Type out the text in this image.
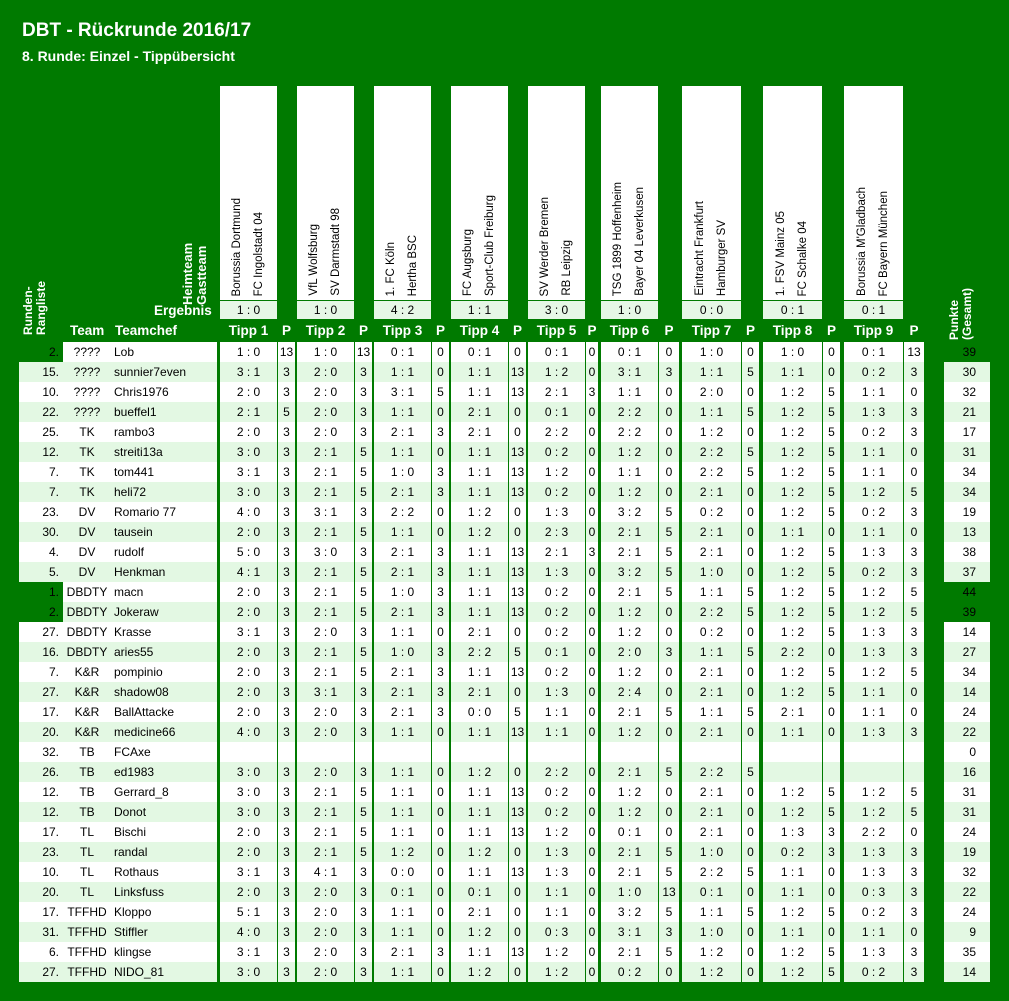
DBT - Rückrunde 2016/17
8. Runde: Einzel - Tippübersicht
Runden-
Rangliste
Heimteam
Gastteam
Ergebnis
Team Teamchef	Punkte
(Gesamt)
Borussia Dortmund FC Ingolstadt 04
1 : 0
Tipp 1	P
VfL Wolfsburg SV Darmstadt 98
1 : 0
Tipp 2	P
1. FC Köln Hertha BSC
4 : 2
Tipp 3	P
FC Augsburg Sport-Club Freiburg
1 : 1
Tipp 4	P
SV Werder Bremen RB Leipzig
3 : 0
Tipp 5 P
TSG 1899 Hoffenheim Bayer 04 Leverkusen
1 : 0
Tipp 6	P
Eintracht Frankfurt Hamburger SV
0 : 0
Tipp 7	P
1. FSV Mainz 05 FC Schalke 04
0 : 1
Tipp 8	P
Borussia M'Gladbach FC Bayern München
0 : 1
Tipp 9	P
2.	????	Lob		1 : 0		13		1 : 0		13		0 : 1		0		0 : 1		0		0 : 1		0		0 : 1		0		1 : 0		0		1 : 0		0		0 : 1		13		39
15.	????	sunnier7even		3 : 1		3		2 : 0		3		1 : 1		0		1 : 1		13		1 : 2		0		3 : 1		3		1 : 1		5		1 : 1		0		0 : 2		3		30
10.	????	Chris1976		2 : 0		3		2 : 0		3		3 : 1		5		1 : 1		13		2 : 1		3		1 : 1		0		2 : 0		0		1 : 2		5		1 : 1		0		32
22.	????	bueffel1		2 : 1		5		2 : 0		3		1 : 1		0		2 : 1		0		0 : 1		0		2 : 2		0		1 : 1		5		1 : 2		5		1 : 3		3		21
25.	TK	rambo3		2 : 0		3		2 : 0		3		2 : 1		3		2 : 1		0		2 : 2		0		2 : 2		0		1 : 2		0		1 : 2		5		0 : 2		3		17
12.	TK	streiti13a		3 : 0		3		2 : 1		5		1 : 1		0		1 : 1		13		0 : 2		0		1 : 2		0		2 : 2		5		1 : 2		5		1 : 1		0		31
7.	TK	tom441		3 : 1		3		2 : 1		5		1 : 0		3		1 : 1		13		1 : 2		0		1 : 1		0		2 : 2		5		1 : 2		5		1 : 1		0		34
7.	TK	heli72		3 : 0		3		2 : 1		5		2 : 1		3		1 : 1		13		0 : 2		0		1 : 2		0		2 : 1		0		1 : 2		5		1 : 2		5		34
23.	DV	Romario 77		4 : 0		3		3 : 1		3		2 : 2		0		1 : 2		0		1 : 3		0		3 : 2		5		0 : 2		0		1 : 2		5		0 : 2		3		19
30.	DV	tausein		2 : 0		3		2 : 1		5		1 : 1		0		1 : 2		0		2 : 3		0		2 : 1		5		2 : 1		0		1 : 1		0		1 : 1		0		13
4.	DV	rudolf		5 : 0		3		3 : 0		3		2 : 1		3		1 : 1		13		2 : 1		3		2 : 1		5		2 : 1		0		1 : 2		5		1 : 3		3		38
5.	DV	Henkman		4 : 1		3		2 : 1		5		2 : 1		3		1 : 1		13		1 : 3		0		3 : 2		5		1 : 0		0		1 : 2		5		0 : 2		3		37
1.	DBDTY	macn		2 : 0		3		2 : 1		5		1 : 0		3		1 : 1		13		0 : 2		0		2 : 1		5		1 : 1		5		1 : 2		5		1 : 2		5		44
2.	DBDTY	Jokeraw		2 : 0		3		2 : 1		5		2 : 1		3		1 : 1		13		0 : 2		0		1 : 2		0		2 : 2		5		1 : 2		5		1 : 2		5		39
27.	DBDTY	Krasse		3 : 1		3		2 : 0		3		1 : 1		0		2 : 1		0		0 : 2		0		1 : 2		0		0 : 2		0		1 : 2		5		1 : 3		3		14
16.	DBDTY	aries55		2 : 0		3		2 : 1		5		1 : 0		3		2 : 2		5		0 : 1		0		2 : 0		3		1 : 1		5		2 : 2		0		1 : 3		3		27
7.	K&R	pompinio		2 : 0		3		2 : 1		5		2 : 1		3		1 : 1		13		0 : 2		0		1 : 2		0		2 : 1		0		1 : 2		5		1 : 2		5		34
27.	K&R	shadow08		2 : 0		3		3 : 1		3		2 : 1		3		2 : 1		0		1 : 3		0		2 : 4		0		2 : 1		0		1 : 2		5		1 : 1		0		14
17.	K&R	BallAttacke		2 : 0		3		2 : 0		3		2 : 1		3		0 : 0		5		1 : 1		0		2 : 1		5		1 : 1		5		2 : 1		0		1 : 1		0		24
20.	K&R	medicine66		4 : 0		3		2 : 0		3		1 : 1		0		1 : 1		13		1 : 1		0		1 : 2		0		2 : 1		0		1 : 1		0		1 : 3		3		22
32.	TB	FCAxe																																						0
26.	TB	ed1983		3 : 0		3		2 : 0		3		1 : 1		0		1 : 2		0		2 : 2		0		2 : 1		5		2 : 2		5										16
12.	TB	Gerrard_8		3 : 0		3		2 : 1		5		1 : 1		0		1 : 1		13		0 : 2		0		1 : 2		0		2 : 1		0		1 : 2		5		1 : 2		5		31
12.	TB	Donot		3 : 0		3		2 : 1		5		1 : 1		0		1 : 1		13		0 : 2		0		1 : 2		0		2 : 1		0		1 : 2		5		1 : 2		5		31
17.	TL	Bischi		2 : 0		3		2 : 1		5		1 : 1		0		1 : 1		13		1 : 2		0		0 : 1		0		2 : 1		0		1 : 3		3		2 : 2		0		24
23.	TL	randal		2 : 0		3		2 : 1		5		1 : 2		0		1 : 2		0		1 : 3		0		2 : 1		5		1 : 0		0		0 : 2		3		1 : 3		3		19
10.	TL	Rothaus		3 : 1		3		4 : 1		3		0 : 0		0		1 : 1		13		1 : 3		0		2 : 1		5		2 : 2		5		1 : 1		0		1 : 3		3		32
20.	TL	Linksfuss		2 : 0		3		2 : 0		3		0 : 1		0		0 : 1		0		1 : 1		0		1 : 0		13		0 : 1		0		1 : 1		0		0 : 3		3		22
17.	TFFHD	Kloppo		5 : 1		3		2 : 0		3		1 : 1		0		2 : 1		0		1 : 1		0		3 : 2		5		1 : 1		5		1 : 2		5		0 : 2		3		24
31.	TFFHD	Stiffler		4 : 0		3		2 : 0		3		1 : 1		0		1 : 2		0		0 : 3		0		3 : 1		3		1 : 0		0		1 : 1		0		1 : 1		0		9
6.	TFFHD	klingse		3 : 1		3		2 : 0		3		2 : 1		3		1 : 1		13		1 : 2		0		2 : 1		5		1 : 2		0		1 : 2		5		1 : 3		3		35
27.	TFFHD	NIDO_81		3 : 0		3		2 : 0		3		1 : 1		0		1 : 2		0		1 : 2		0		0 : 2		0		1 : 2		0		1 : 2		5		0 : 2		3		14
